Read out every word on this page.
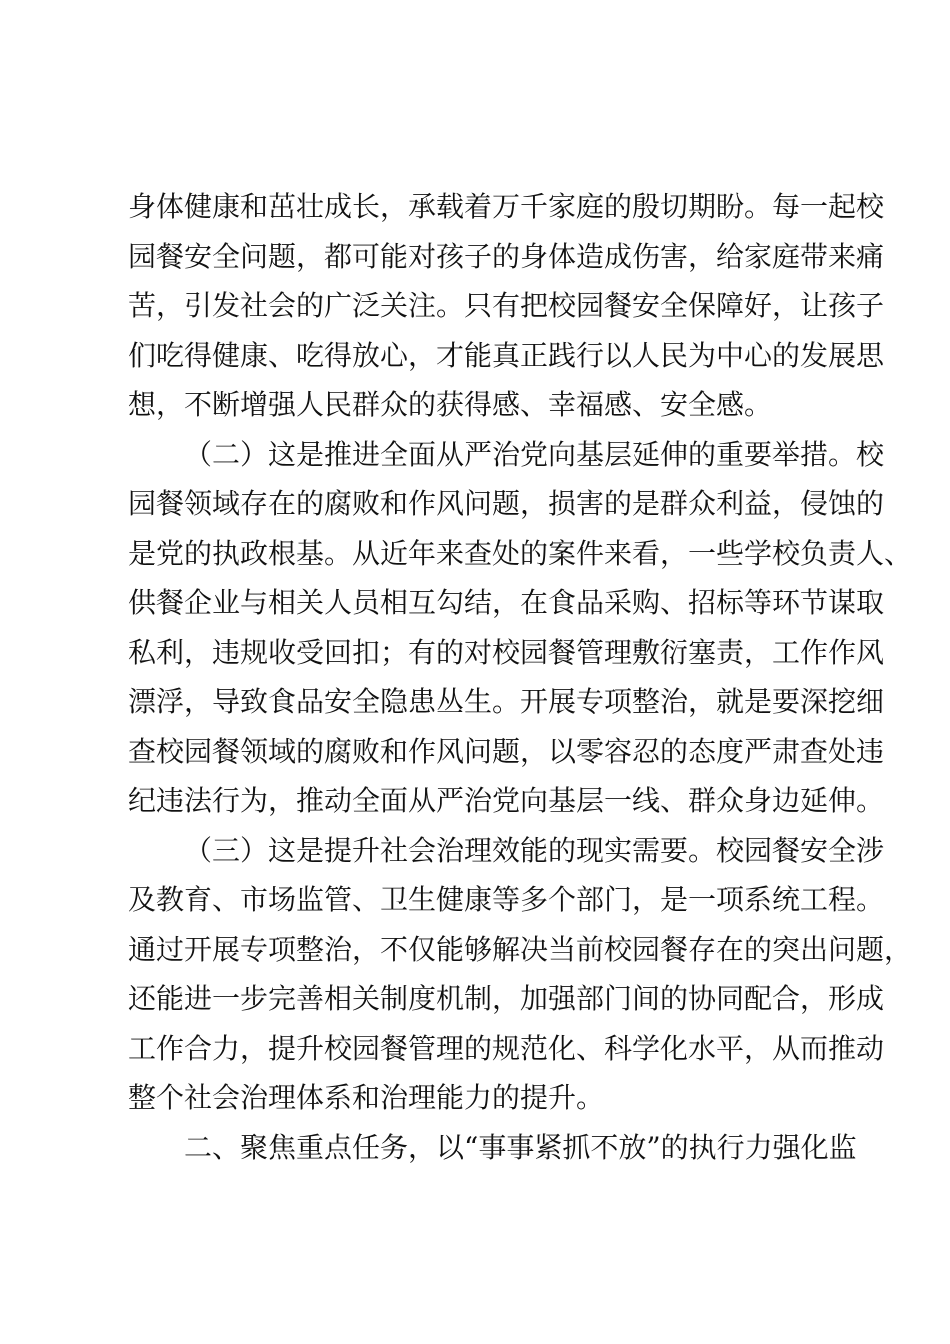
身体健康和茁壮成长，承载着万千家庭的殷切期盼。每一起校
园餐安全问题，都可能对孩子的身体造成伤害，给家庭带来痛
苦，引发社会的广泛关注。只有把校园餐安全保障好，让孩子
们吃得健康、吃得放心，才能真正践行以人民为中心的发展思
想，不断增强人民群众的获得感、幸福感、安全感。

（二）这是推进全面从严治党向基层延伸的重要举措。校
园餐领域存在的腐败和作风问题，损害的是群众利益，侵蚀的
是党的执政根基。从近年来查处的案件来看，一些学校负责人、
供餐企业与相关人员相互勾结，在食品采购、招标等环节谋取
私利，违规收受回扣；有的对校园餐管理敷衍塞责，工作作风
漂浮，导致食品安全隐患丛生。开展专项整治，就是要深挖细
查校园餐领域的腐败和作风问题，以零容忍的态度严肃查处违
纪违法行为，推动全面从严治党向基层一线、群众身边延伸。

（三）这是提升社会治理效能的现实需要。校园餐安全涉
及教育、市场监管、卫生健康等多个部门，是一项系统工程。
通过开展专项整治，不仅能够解决当前校园餐存在的突出问题，
还能进一步完善相关制度机制，加强部门间的协同配合，形成
工作合力，提升校园餐管理的规范化、科学化水平，从而推动
整个社会治理体系和治理能力的提升。

二、聚焦重点任务，以“事事紧抓不放”的执行力强化监
